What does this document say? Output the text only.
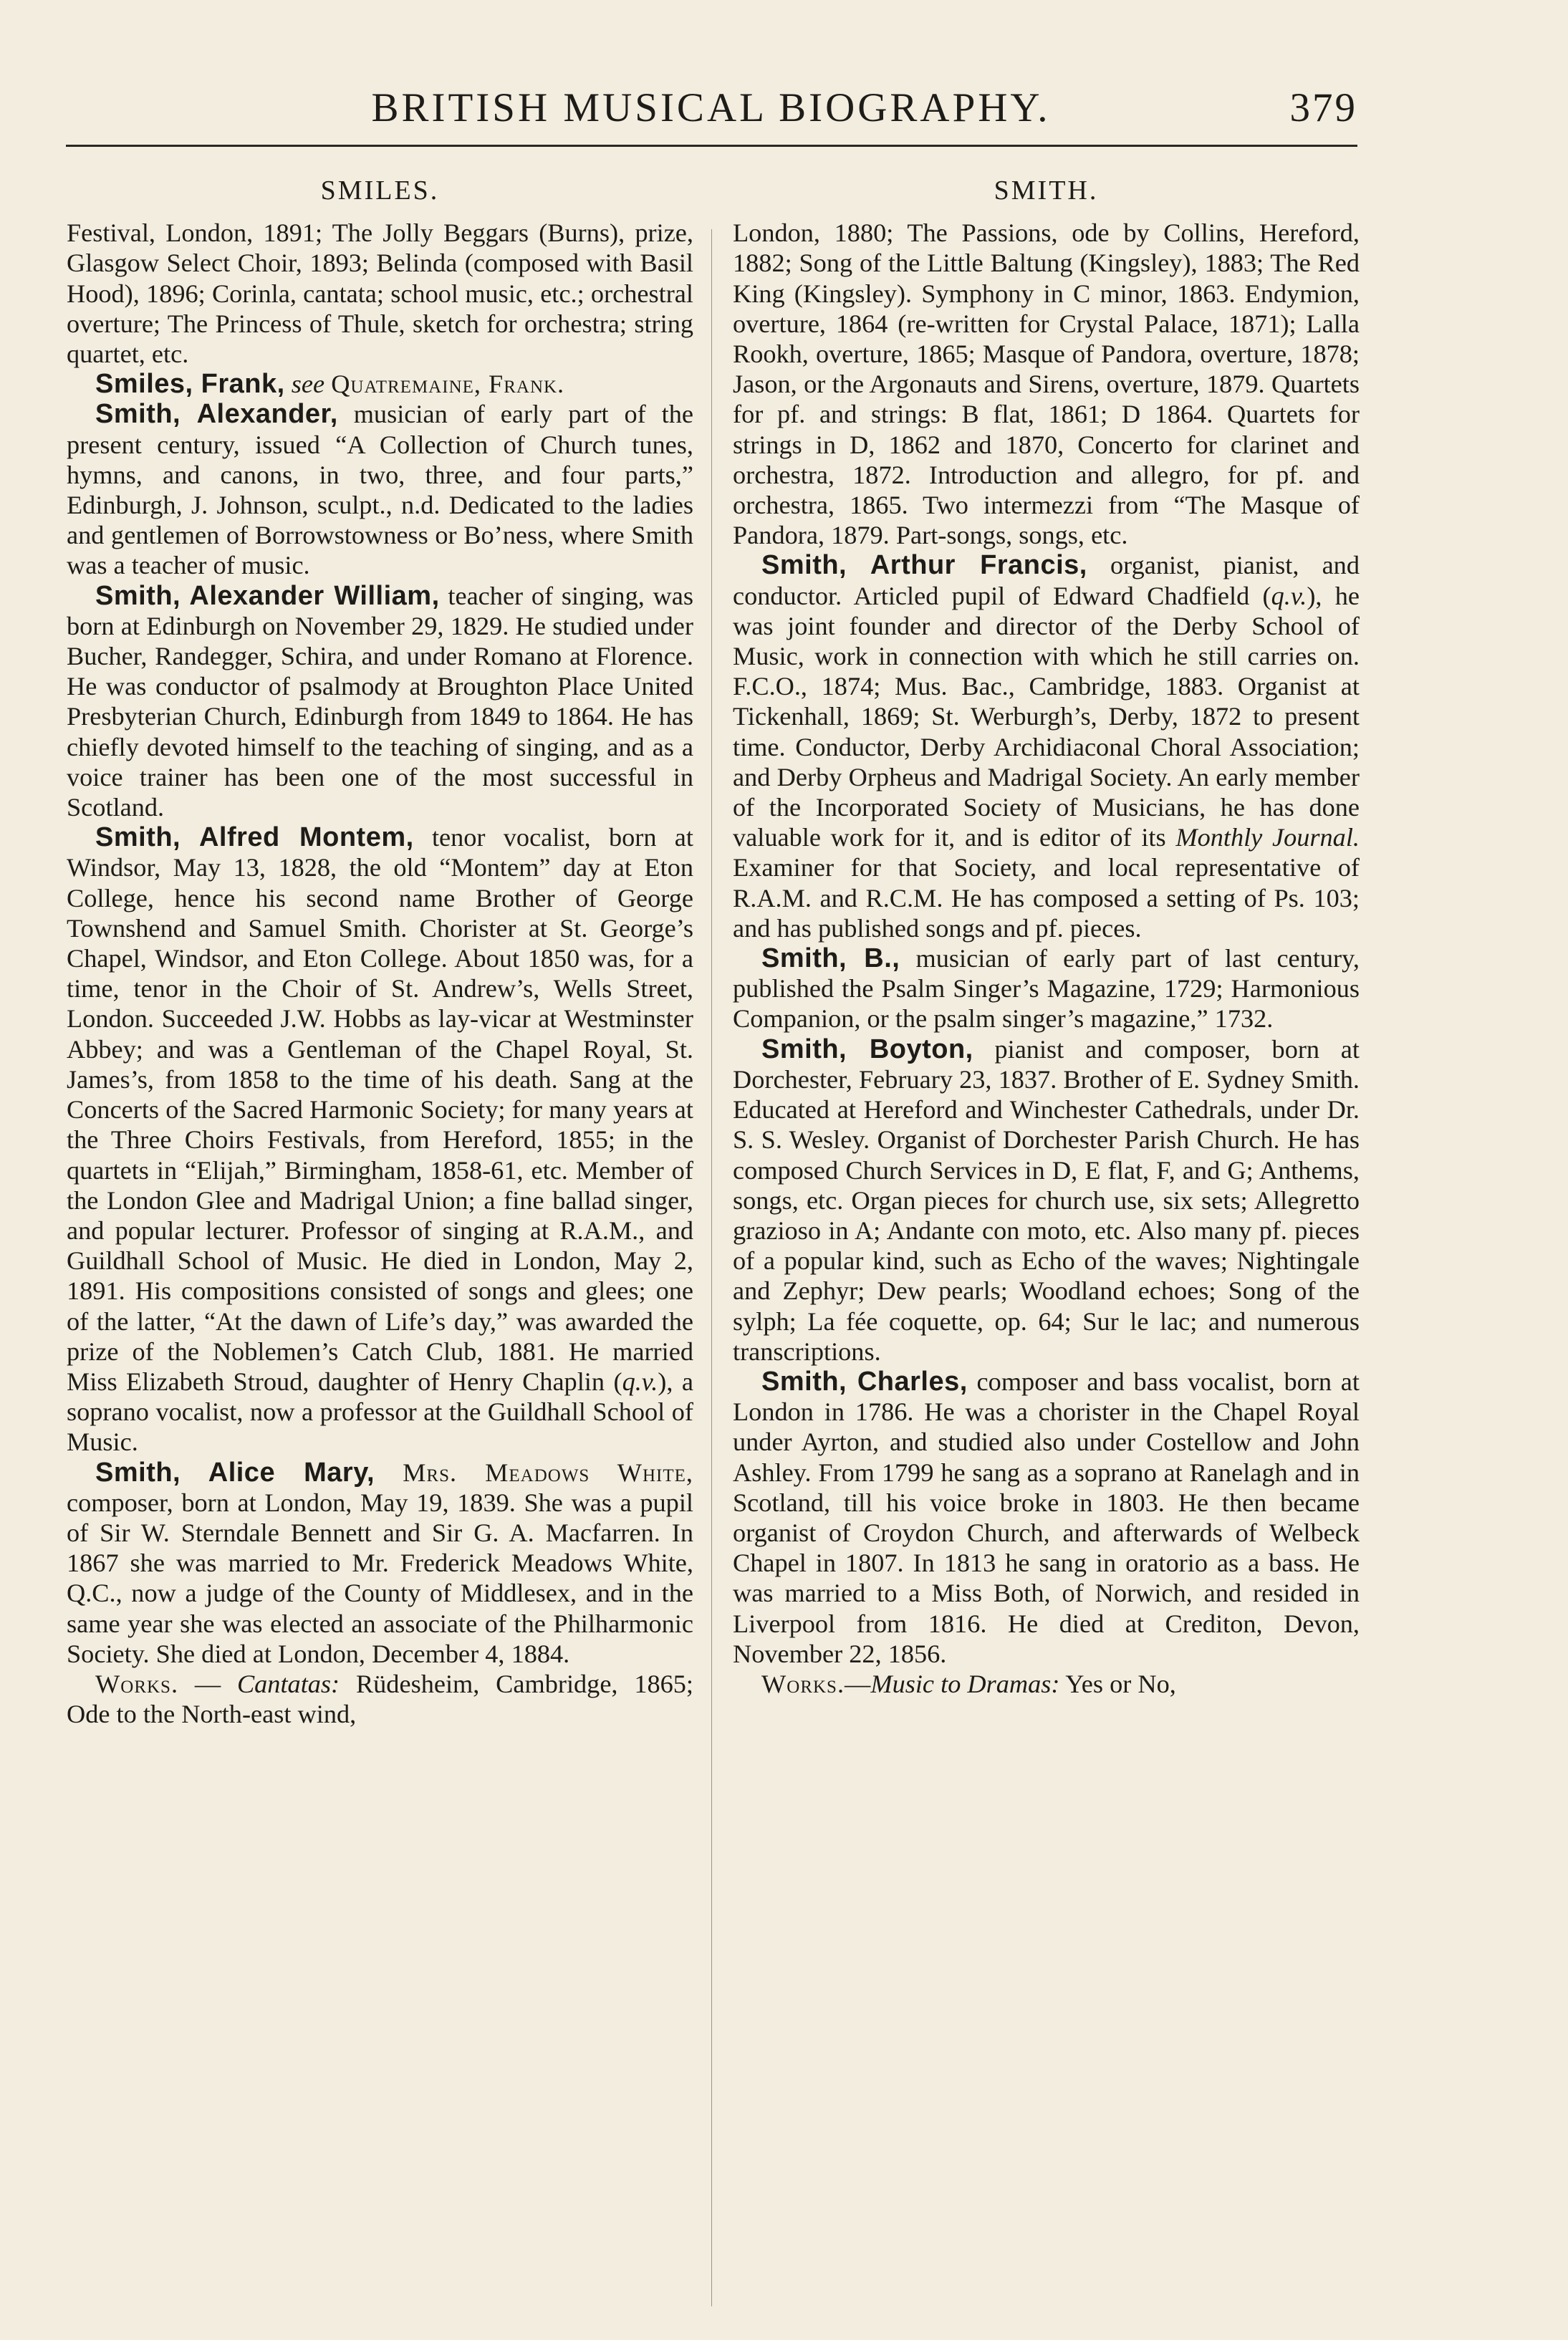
BRITISH MUSICAL BIOGRAPHY.	379
SMILES.

Festival, London, 1891; The Jolly Beggars (Burns), prize, Glasgow Select Choir, 1893; Belinda (composed with Basil Hood), 1896; Corinla, cantata; school music, etc.; orchestral overture; The Princess of Thule, sketch for orchestra; string quartet, etc.

Smiles, Frank, see Quatremaine, Frank.

Smith, Alexander, musician of early part of the present century, issued “A Collection of Church tunes, hymns, and canons, in two, three, and four parts,” Edinburgh, J. Johnson, sculpt., n.d. Dedicated to the ladies and gentlemen of Borrowstowness or Bo’ness, where Smith was a teacher of music.

Smith, Alexander William, teacher of singing, was born at Edinburgh on November 29, 1829. He studied under Bucher, Randegger, Schira, and under Romano at Florence. He was conductor of psalmody at Broughton Place United Presbyterian Church, Edinburgh from 1849 to 1864. He has chiefly devoted himself to the teaching of singing, and as a voice trainer has been one of the most successful in Scotland.

Smith, Alfred Montem, tenor vocalist, born at Windsor, May 13, 1828, the old “Montem” day at Eton College, hence his second name Brother of George Townshend and Samuel Smith. Chorister at St. George’s Chapel, Windsor, and Eton College. About 1850 was, for a time, tenor in the Choir of St. Andrew’s, Wells Street, London. Succeeded J.W. Hobbs as lay-vicar at Westminster Abbey; and was a Gentleman of the Chapel Royal, St. James’s, from 1858 to the time of his death. Sang at the Concerts of the Sacred Harmonic Society; for many years at the Three Choirs Festivals, from Hereford, 1855; in the quartets in “Elijah,” Birmingham, 1858-61, etc. Member of the London Glee and Madrigal Union; a fine ballad singer, and popular lecturer. Professor of singing at R.A.M., and Guildhall School of Music. He died in London, May 2, 1891. His compositions consisted of songs and glees; one of the latter, “At the dawn of Life’s day,” was awarded the prize of the Noblemen’s Catch Club, 1881. He married Miss Elizabeth Stroud, daughter of Henry Chaplin (q.v.), a soprano vocalist, now a professor at the Guildhall School of Music.

Smith, Alice Mary, Mrs. Meadows White, composer, born at London, May 19, 1839. She was a pupil of Sir W. Sterndale Bennett and Sir G. A. Macfarren. In 1867 she was married to Mr. Frederick Meadows White, Q.C., now a judge of the County of Middlesex, and in the same year she was elected an associate of the Philharmonic Society. She died at London, December 4, 1884.

Works. — Cantatas: Rüdesheim, Cambridge, 1865; Ode to the North-east wind,

SMITH.

London, 1880; The Passions, ode by Collins, Hereford, 1882; Song of the Little Baltung (Kingsley), 1883; The Red King (Kingsley). Symphony in C minor, 1863. Endymion, overture, 1864 (re-written for Crystal Palace, 1871); Lalla Rookh, overture, 1865; Masque of Pandora, overture, 1878; Jason, or the Argonauts and Sirens, overture, 1879. Quartets for pf. and strings: B flat, 1861; D 1864. Quartets for strings in D, 1862 and 1870, Concerto for clarinet and orchestra, 1872. Introduction and allegro, for pf. and orchestra, 1865. Two intermezzi from “The Masque of Pandora, 1879. Part-songs, songs, etc.

Smith, Arthur Francis, organist, pianist, and conductor. Articled pupil of Edward Chadfield (q.v.), he was joint founder and director of the Derby School of Music, work in connection with which he still carries on. F.C.O., 1874; Mus. Bac., Cambridge, 1883. Organist at Tickenhall, 1869; St. Werburgh’s, Derby, 1872 to present time. Conductor, Derby Archidiaconal Choral Association; and Derby Orpheus and Madrigal Society. An early member of the Incorporated Society of Musicians, he has done valuable work for it, and is editor of its Monthly Journal. Examiner for that Society, and local representative of R.A.M. and R.C.M. He has composed a setting of Ps. 103; and has published songs and pf. pieces.

Smith, B., musician of early part of last century, published the Psalm Singer’s Magazine, 1729; Harmonious Companion, or the psalm singer’s magazine,” 1732.

Smith, Boyton, pianist and composer, born at Dorchester, February 23, 1837. Brother of E. Sydney Smith. Educated at Hereford and Winchester Cathedrals, under Dr. S. S. Wesley. Organist of Dorchester Parish Church. He has composed Church Services in D, E flat, F, and G; Anthems, songs, etc. Organ pieces for church use, six sets; Allegretto grazioso in A; Andante con moto, etc. Also many pf. pieces of a popular kind, such as Echo of the waves; Nightingale and Zephyr; Dew pearls; Woodland echoes; Song of the sylph; La fée coquette, op. 64; Sur le lac; and numerous transcriptions.

Smith, Charles, composer and bass vocalist, born at London in 1786. He was a chorister in the Chapel Royal under Ayrton, and studied also under Costellow and John Ashley. From 1799 he sang as a soprano at Ranelagh and in Scotland, till his voice broke in 1803. He then became organist of Croydon Church, and afterwards of Welbeck Chapel in 1807. In 1813 he sang in oratorio as a bass. He was married to a Miss Both, of Norwich, and resided in Liverpool from 1816. He died at Crediton, Devon, November 22, 1856.

Works.—Music to Dramas: Yes or No,
